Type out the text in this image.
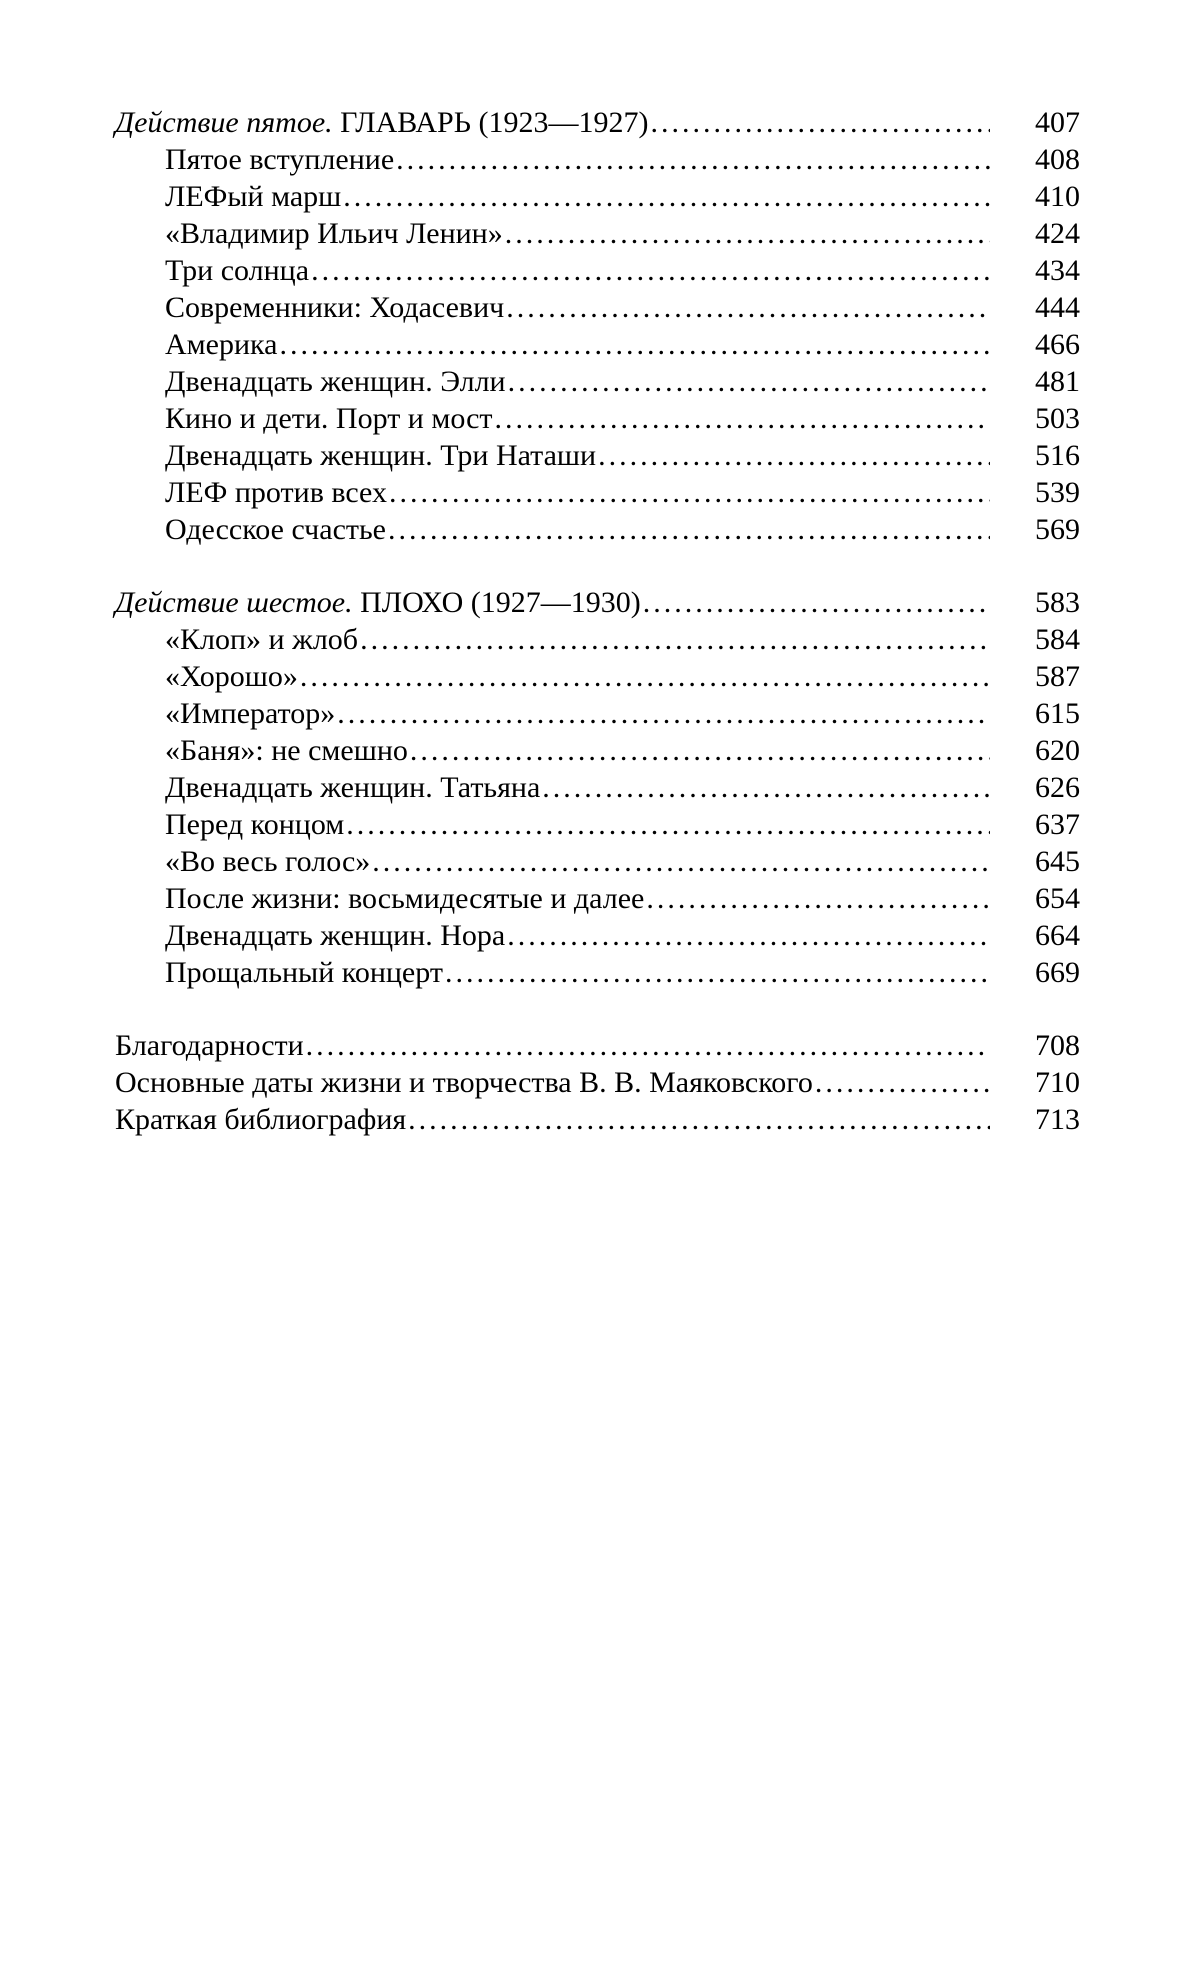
Действие пятое. ГЛАВАРЬ (1923—1927) .....	407
Пятое вступление .....	408
ЛЕФый марш .....	410
«Владимир Ильич Ленин» .....	424
Три солнца .....	434
Современники: Ходасевич .....	444
Америка .....	466
Двенадцать женщин. Элли .....	481
Кино и дети. Порт и мост .....	503
Двенадцать женщин. Три Наташи .....	516
ЛЕФ против всех .....	539
Одесское счастье .....	569
Действие шестое. ПЛОХО (1927—1930) .....	583
«Клоп» и жлоб .....	584
«Хорошо» .....	587
«Император» .....	615
«Баня»: не смешно .....	620
Двенадцать женщин. Татьяна .....	626
Перед концом .....	637
«Во весь голос» .....	645
После жизни: восьмидесятые и далее .....	654
Двенадцать женщин. Нора .....	664
Прощальный концерт .....	669
Благодарности .....	708
Основные даты жизни и творчества В. В. Маяковского .....	710
Краткая библиография .....	713
